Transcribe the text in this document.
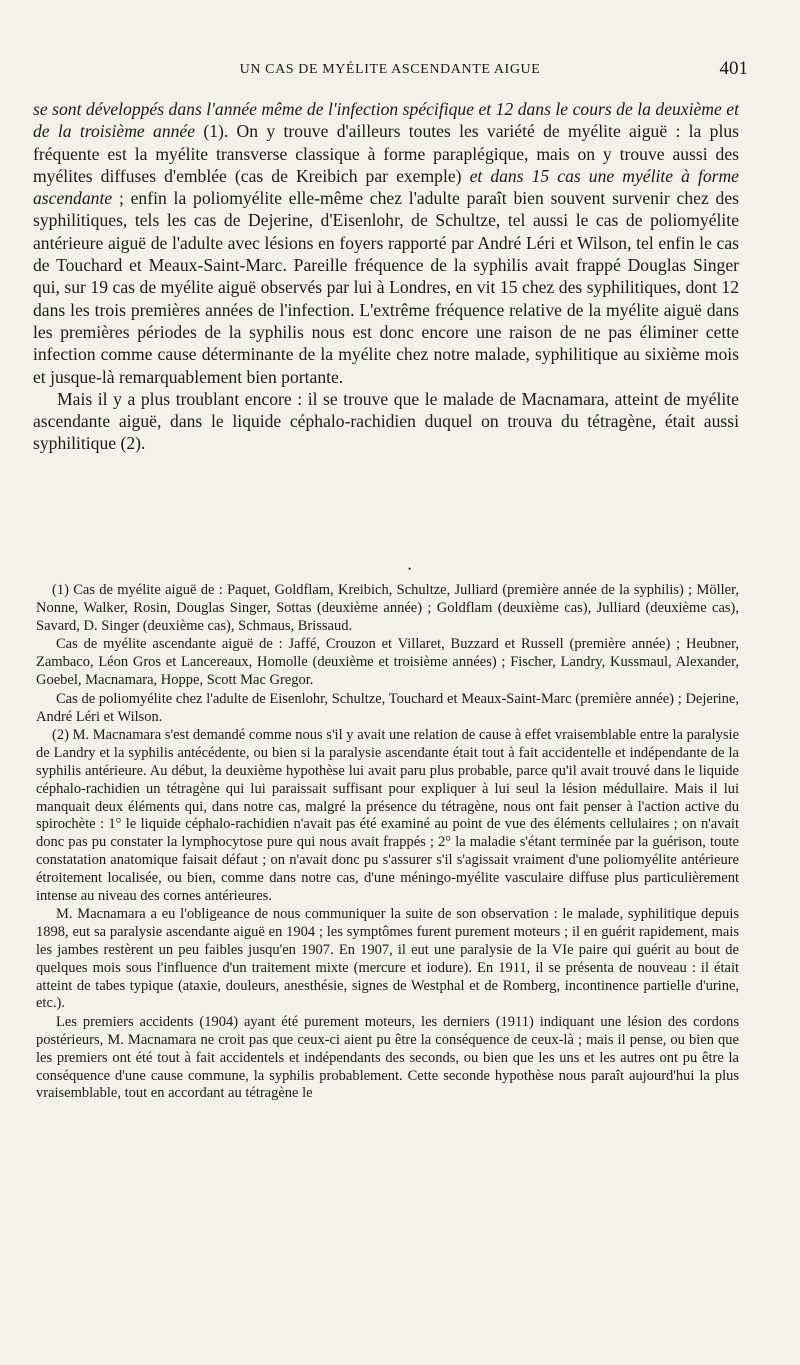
UN CAS DE MYÉLITE ASCENDANTE AIGUE	401

se sont développés dans l'année même de l'infection spécifique et 12 dans le cours de la deuxième et de la troisième année (1). On y trouve d'ailleurs toutes les variété de myélite aiguë : la plus fréquente est la myélite transverse classique à forme paraplégique, mais on y trouve aussi des myélites diffuses d'emblée (cas de Kreibich par exemple) et dans 15 cas une myélite à forme ascendante ; enfin la poliomyélite elle-même chez l'adulte paraît bien souvent survenir chez des syphilitiques, tels les cas de Dejerine, d'Eisenlohr, de Schultze, tel aussi le cas de poliomyélite antérieure aiguë de l'adulte avec lésions en foyers rapporté par André Léri et Wilson, tel enfin le cas de Touchard et Meaux-Saint-Marc. Pareille fréquence de la syphilis avait frappé Douglas Singer qui, sur 19 cas de myélite aiguë observés par lui à Londres, en vit 15 chez des syphilitiques, dont 12 dans les trois premières années de l'infection. L'extrême fréquence relative de la myélite aiguë dans les premières périodes de la syphilis nous est donc encore une raison de ne pas éliminer cette infection comme cause déterminante de la myélite chez notre malade, syphilitique au sixième mois et jusque-là remarquablement bien portante.

Mais il y a plus troublant encore : il se trouve que le malade de Macnamara, atteint de myélite ascendante aiguë, dans le liquide céphalo-rachidien duquel on trouva du tétragène, était aussi syphilitique (2).

•

(1) Cas de myélite aiguë de : Paquet, Goldflam, Kreibich, Schultze, Julliard (première année de la syphilis) ; Möller, Nonne, Walker, Rosin, Douglas Singer, Sottas (deuxième année) ; Goldflam (deuxième cas), Julliard (deuxième cas), Savard, D. Singer (deuxième cas), Schmaus, Brissaud.

Cas de myélite ascendante aiguë de : Jaffé, Crouzon et Villaret, Buzzard et Russell (première année) ; Heubner, Zambaco, Léon Gros et Lancereaux, Homolle (deuxième et troisième années) ; Fischer, Landry, Kussmaul, Alexander, Goebel, Macnamara, Hoppe, Scott Mac Gregor.

Cas de poliomyélite chez l'adulte de Eisenlohr, Schultze, Touchard et Meaux-Saint-Marc (première année) ; Dejerine, André Léri et Wilson.

(2) M. Macnamara s'est demandé comme nous s'il y avait une relation de cause à effet vraisemblable entre la paralysie de Landry et la syphilis antécédente, ou bien si la paralysie ascendante était tout à fait accidentelle et indépendante de la syphilis antérieure. Au début, la deuxième hypothèse lui avait paru plus probable, parce qu'il avait trouvé dans le liquide céphalo-rachidien un tétragène qui lui paraissait suffisant pour expliquer à lui seul la lésion médullaire. Mais il lui manquait deux éléments qui, dans notre cas, malgré la présence du tétragène, nous ont fait penser à l'action active du spirochète : 1° le liquide céphalo-rachidien n'avait pas été examiné au point de vue des éléments cellulaires ; on n'avait donc pas pu constater la lymphocytose pure qui nous avait frappés ; 2° la maladie s'étant terminée par la guérison, toute constatation anatomique faisait défaut ; on n'avait donc pu s'assurer s'il s'agissait vraiment d'une poliomyélite antérieure étroitement localisée, ou bien, comme dans notre cas, d'une méningo-myélite vasculaire diffuse plus particulièrement intense au niveau des cornes antérieures.

M. Macnamara a eu l'obligeance de nous communiquer la suite de son observation : le malade, syphilitique depuis 1898, eut sa paralysie ascendante aiguë en 1904 ; les symptômes furent purement moteurs ; il en guérit rapidement, mais les jambes restèrent un peu faibles jusqu'en 1907. En 1907, il eut une paralysie de la VIe paire qui guérit au bout de quelques mois sous l'influence d'un traitement mixte (mercure et iodure). En 1911, il se présenta de nouveau : il était atteint de tabes typique (ataxie, douleurs, anesthésie, signes de Westphal et de Romberg, incontinence partielle d'urine, etc.).

Les premiers accidents (1904) ayant été purement moteurs, les derniers (1911) indiquant une lésion des cordons postérieurs, M. Macnamara ne croit pas que ceux-ci aient pu être la conséquence de ceux-là ; mais il pense, ou bien que les premiers ont été tout à fait accidentels et indépendants des seconds, ou bien que les uns et les autres ont pu être la conséquence d'une cause commune, la syphilis probablement. Cette seconde hypothèse nous paraît aujourd'hui la plus vraisemblable, tout en accordant au tétragène le
